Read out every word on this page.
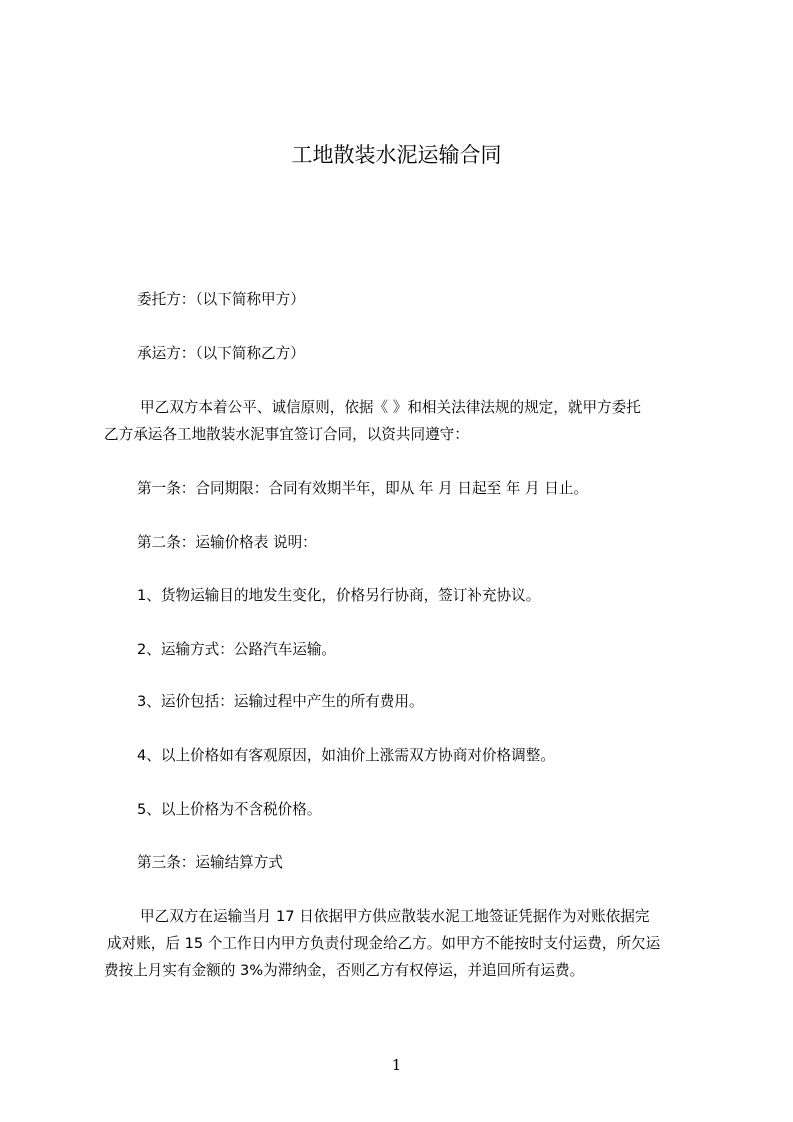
工地散装水泥运输合同
委托方：（以下简称甲方）
承运方：（以下简称乙方）
甲乙双方本着公平、诚信原则，依据《 》和相关法律法规的规定，就甲方委托
乙方承运各工地散装水泥事宜签订合同，以资共同遵守：
第一条：合同期限：合同有效期半年，即从 年 月 日起至 年 月 日止。
第二条：运输价格表 说明：
1、货物运输目的地发生变化，价格另行协商，签订补充协议。
2、运输方式：公路汽车运输。
3、运价包括：运输过程中产生的所有费用。
4、以上价格如有客观原因，如油价上涨需双方协商对价格调整。
5、以上价格为不含税价格。
第三条：运输结算方式
甲乙双方在运输当月 17 日依据甲方供应散装水泥工地签证凭据作为对账依据完
成对账，后 15 个工作日内甲方负责付现金给乙方。如甲方不能按时支付运费，所欠运
费按上月实有金额的 3%为滞纳金，否则乙方有权停运，并追回所有运费。
1
